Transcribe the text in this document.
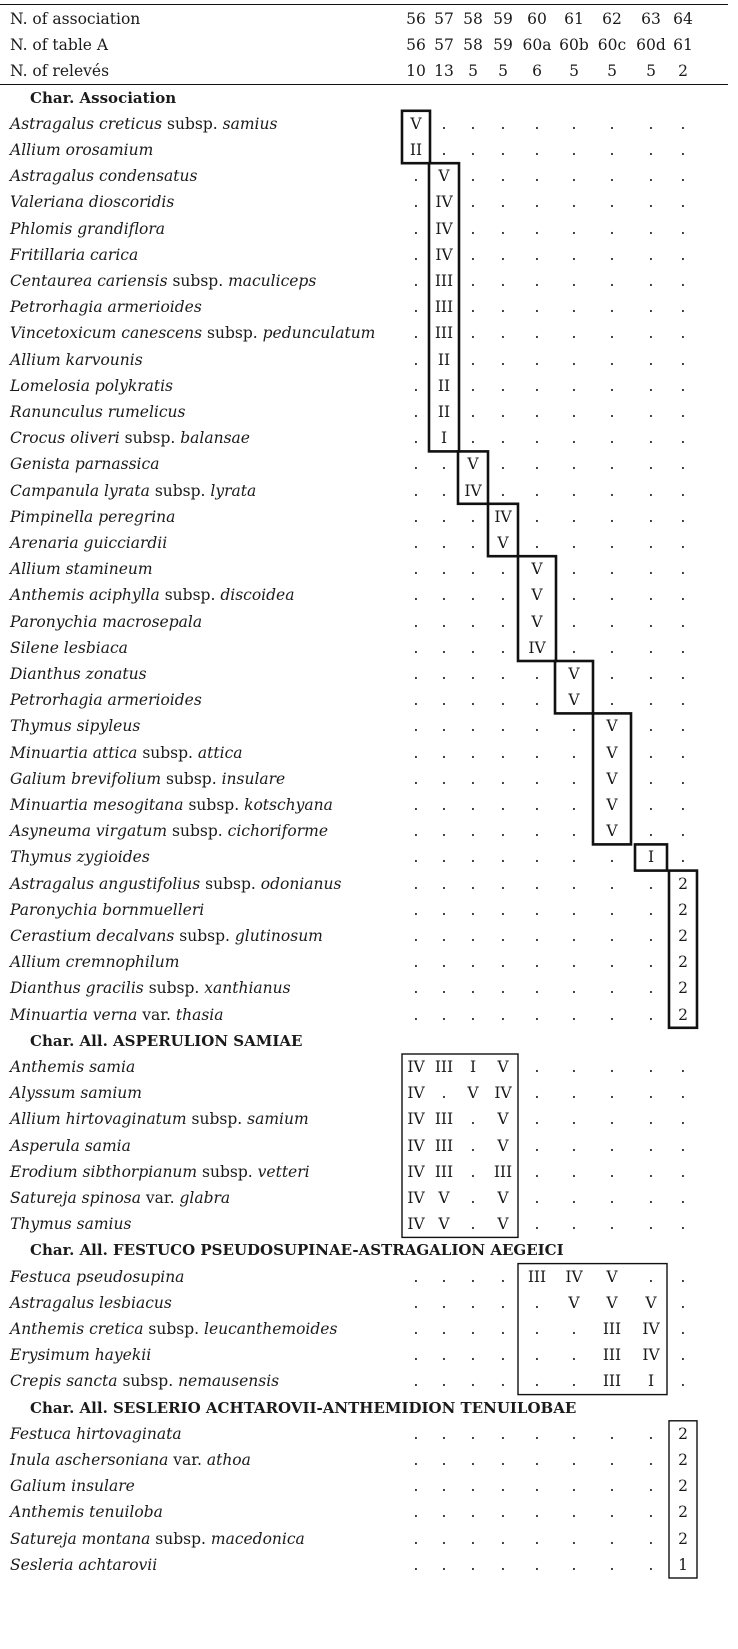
N. of association	56 57 58 59 60	61	62	63 64
N. of table A	56 57 58 59 60a 60b 60c 60d 61
N. of relevés	10 13 5	5	6	5	5	5	2
Char. Association
Astragalus creticus subsp. samius	V	.	.	.	.	.	.	.	.
Allium orosamium	II	.	.	.	.	.	.	.	.
Astragalus condensatus	.	V	.	.	.	.	.	.	.
Valeriana dioscoridis	.	IV	.	.	.	.	.	.	.
Phlomis grandiflora	.	IV	.	.	.	.	.	.	.
Fritillaria carica	.	IV	.	.	.	.	.	.	.
Centaurea cariensis subsp. maculiceps	.	III	.	.	.	.	.	.	.
Petrorhagia armerioides	.	III	.	.	.	.	.	.	.
Vincetoxicum canescens subsp. pedunculatum	.	III	.	.	.	.	.	.	.
Allium karvounis	.	II	.	.	.	.	.	.	.
Lomelosia polykratis	.	II	.	.	.	.	.	.	.
Ranunculus rumelicus	.	II	.	.	.	.	.	.	.
Crocus oliveri subsp. balansae	.	I	.	.	.	.	.	.	.
Genista parnassica	.	.	V	.	.	.	.	.	.
Campanula lyrata subsp. lyrata	.	.	IV	.	.	.	.	.	.
Pimpinella peregrina	.	.	.	IV	.	.	.	.	.
Arenaria guicciardii	.	.	.	V	.	.	.	.	.
Allium stamineum	.	.	.	.	V	.	.	.	.
Anthemis aciphylla subsp. discoidea	.	.	.	.	V	.	.	.	.
Paronychia macrosepala	.	.	.	.	V	.	.	.	.
Silene lesbiaca	.	.	.	.	IV	.	.	.	.
Dianthus zonatus	.	.	.	.	.	V	.	.	.
Petrorhagia armerioides	.	.	.	.	.	V	.	.	.
Thymus sipyleus	.	.	.	.	.	.	V	.	.
Minuartia attica subsp. attica	.	.	.	.	.	.	V	.	.
Galium brevifolium subsp. insulare	.	.	.	.	.	.	V	.	.
Minuartia mesogitana subsp. kotschyana	.	.	.	.	.	.	V	.	.
Asyneuma virgatum subsp. cichoriforme	.	.	.	.	.	.	V	.	.
Thymus zygioides	.	.	.	.	.	.	.	I	.
Astragalus angustifolius subsp. odonianus	.	.	.	.	.	.	.	.	2
Paronychia bornmuelleri	.	.	.	.	.	.	.	.	2
Cerastium decalvans subsp. glutinosum	.	.	.	.	.	.	.	.	2
Allium cremnophilum	.	.	.	.	.	.	.	.	2
Dianthus gracilis subsp. xanthianus	.	.	.	.	.	.	.	.	2
Minuartia verna var. thasia	.	.	.	.	.	.	.	.	2
Char. All. ASPERULION SAMIAE
Anthemis samia	IV III	I	V	.	.	.	.	.
Alyssum samium	IV	.	V	IV	.	.	.	.	.
Allium hirtovaginatum subsp. samium	IV III	.	V	.	.	.	.	.
Asperula samia	IV III	.	V	.	.	.	.	.
Erodium sibthorpianum subsp. vetteri	IV III	.	III	.	.	.	.	.
Satureja spinosa var. glabra	IV V	.	V	.	.	.	.	.
Thymus samius	IV V	.	V	.	.	.	.	.
Char. All. FESTUCO PSEUDOSUPINAE-ASTRAGALION AEGEICI
Festuca pseudosupina	.	.	.	.	III	IV	V	.	.
Astragalus lesbiacus	.	.	.	.	.	V	V	V	.
Anthemis cretica subsp. leucanthemoides	.	.	.	.	.	.	III	IV	.
Erysimum hayekii	.	.	.	.	.	.	III	IV	.
Crepis sancta subsp. nemausensis	.	.	.	.	.	.	III	I	.
Char. All. SESLERIO ACHTAROVII-ANTHEMIDION TENUILOBAE
Festuca hirtovaginata	.	.	.	.	.	.	.	.	2
Inula aschersoniana var. athoa	.	.	.	.	.	.	.	.	2
Galium insulare	.	.	.	.	.	.	.	.	2
Anthemis tenuiloba	.	.	.	.	.	.	.	.	2
Satureja montana subsp. macedonica	.	.	.	.	.	.	.	.	2
Sesleria achtarovii	.	.	.	.	.	.	.	.	1
